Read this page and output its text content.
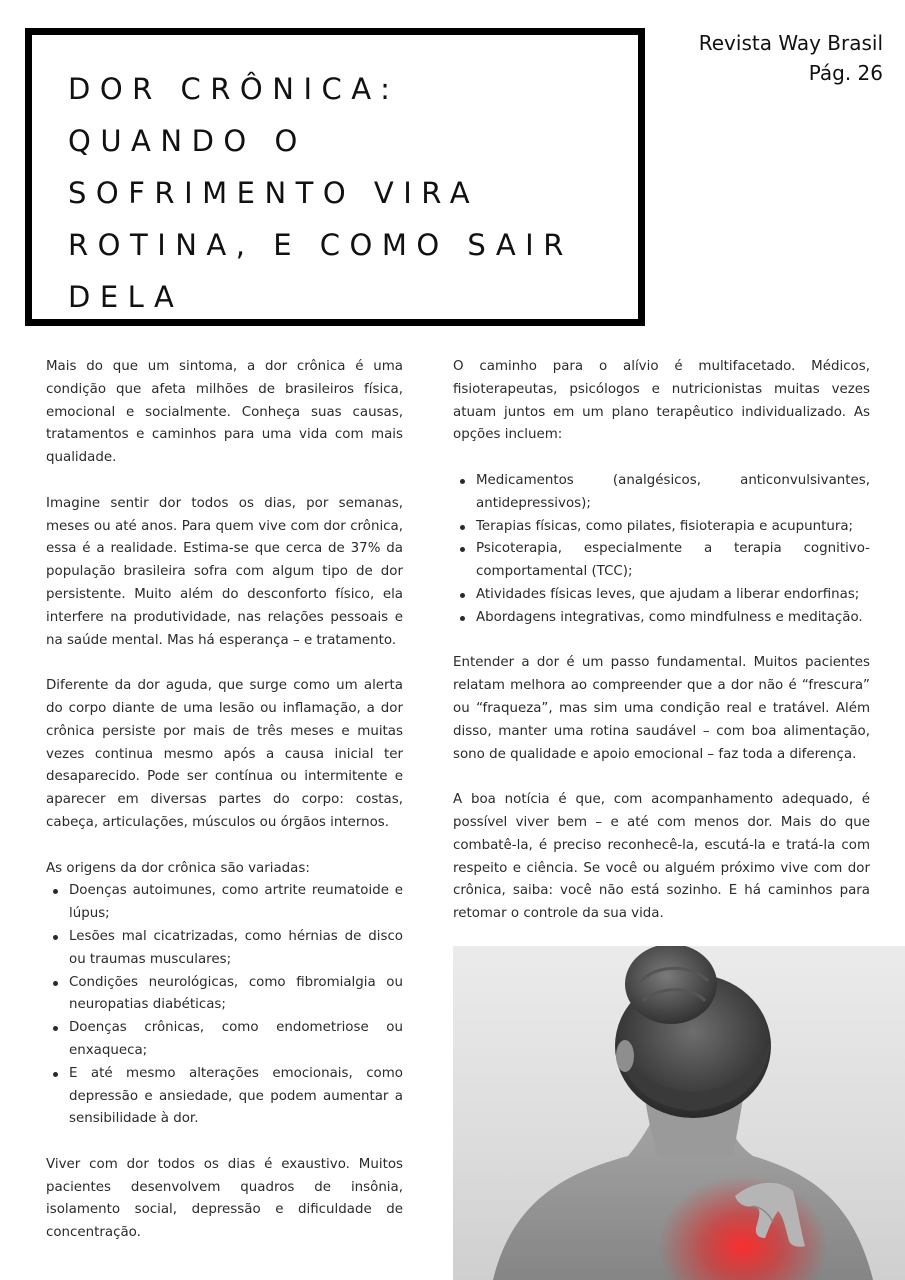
DOR CRÔNICA:
QUANDO O
SOFRIMENTO VIRA
ROTINA, E COMO SAIR
DELA
Revista Way Brasil
Pág. 26

Mais do que um sintoma, a dor crônica é uma condição que afeta milhões de brasileiros física, emocional e socialmente. Conheça suas causas, tratamentos e caminhos para uma vida com mais qualidade.

Imagine sentir dor todos os dias, por semanas, meses ou até anos. Para quem vive com dor crônica, essa é a realidade. Estima-se que cerca de 37% da população brasileira sofra com algum tipo de dor persistente. Muito além do desconforto físico, ela interfere na produtividade, nas relações pessoais e na saúde mental. Mas há esperança – e tratamento.

Diferente da dor aguda, que surge como um alerta do corpo diante de uma lesão ou inflamação, a dor crônica persiste por mais de três meses e muitas vezes continua mesmo após a causa inicial ter desaparecido. Pode ser contínua ou intermitente e aparecer em diversas partes do corpo: costas, cabeça, articulações, músculos ou órgãos internos.

As origens da dor crônica são variadas:

Doenças autoimunes, como artrite reumatoide e lúpus;
Lesões mal cicatrizadas, como hérnias de disco ou traumas musculares;
Condições neurológicas, como fibromialgia ou neuropatias diabéticas;
Doenças crônicas, como endometriose ou enxaqueca;
E até mesmo alterações emocionais, como depressão e ansiedade, que podem aumentar a sensibilidade à dor.

Viver com dor todos os dias é exaustivo. Muitos pacientes desenvolvem quadros de insônia, isolamento social, depressão e dificuldade de concentração.

O caminho para o alívio é multifacetado. Médicos, fisioterapeutas, psicólogos e nutricionistas muitas vezes atuam juntos em um plano terapêutico individualizado. As opções incluem:

Medicamentos (analgésicos, anticonvulsivantes, antidepressivos);
Terapias físicas, como pilates, fisioterapia e acupuntura;
Psicoterapia, especialmente a terapia cognitivo-comportamental (TCC);
Atividades físicas leves, que ajudam a liberar endorfinas;
Abordagens integrativas, como mindfulness e meditação.

Entender a dor é um passo fundamental. Muitos pacientes relatam melhora ao compreender que a dor não é “frescura” ou “fraqueza”, mas sim uma condição real e tratável. Além disso, manter uma rotina saudável – com boa alimentação, sono de qualidade e apoio emocional – faz toda a diferença.

A boa notícia é que, com acompanhamento adequado, é possível viver bem – e até com menos dor. Mais do que combatê-la, é preciso reconhecê-la, escutá-la e tratá-la com respeito e ciência. Se você ou alguém próximo vive com dor crônica, saiba: você não está sozinho. E há caminhos para retomar o controle da sua vida.
